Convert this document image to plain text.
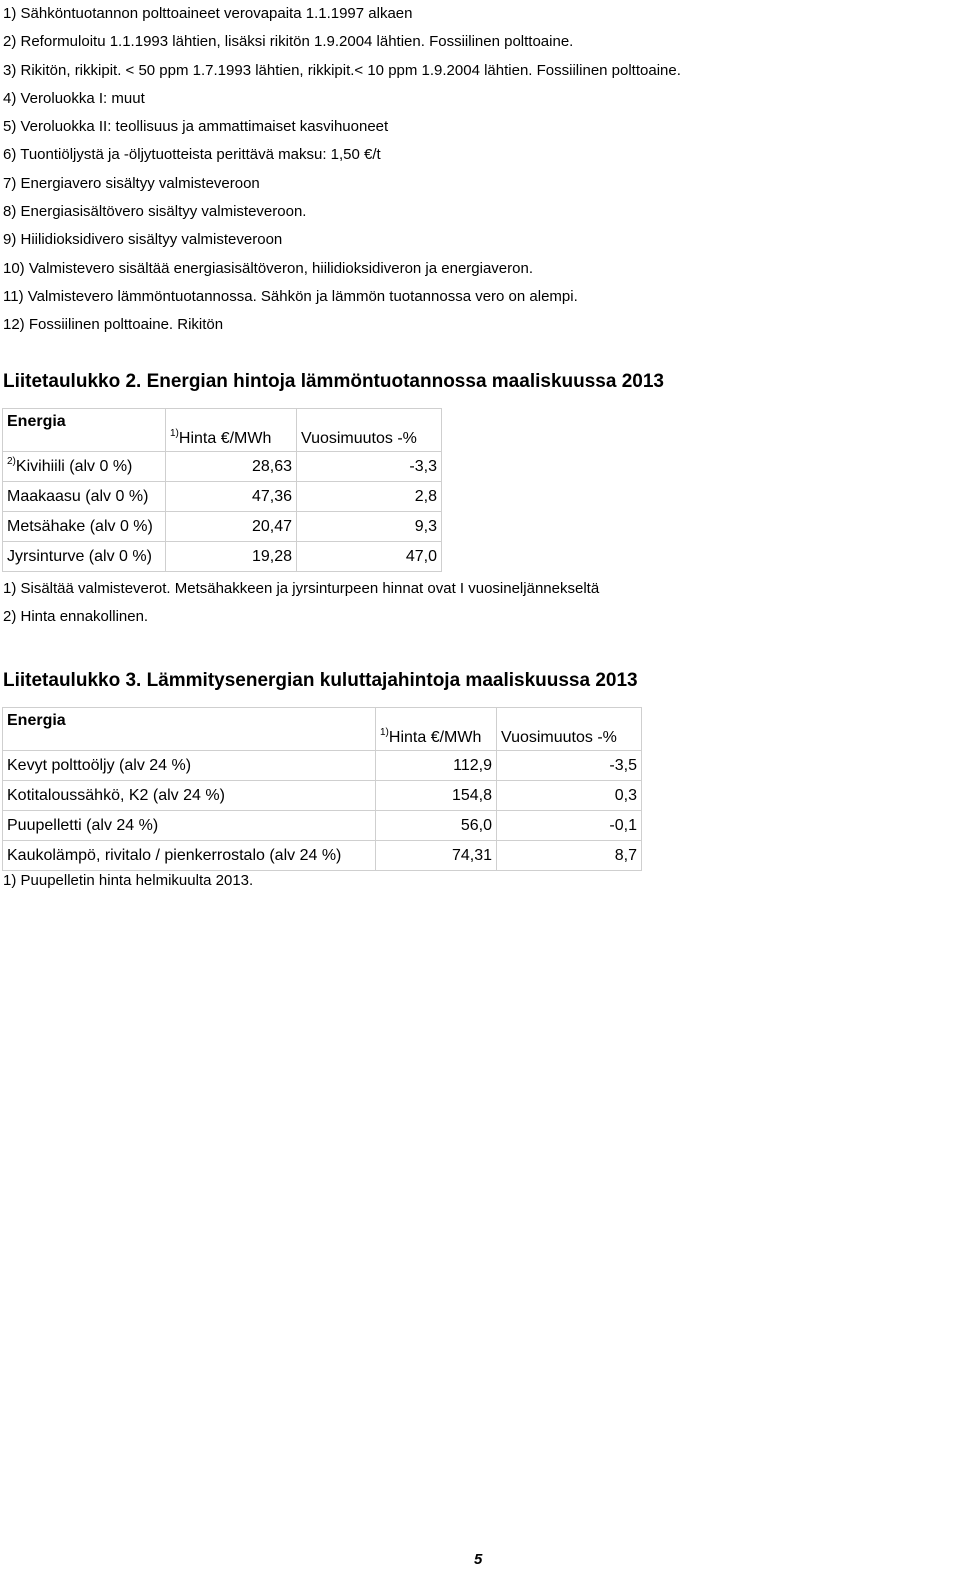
1) Sähköntuotannon polttoaineet verovapaita 1.1.1997 alkaen
2) Reformuloitu 1.1.1993 lähtien, lisäksi rikitön 1.9.2004 lähtien. Fossiilinen polttoaine.
3) Rikitön, rikkipit. < 50 ppm 1.7.1993 lähtien, rikkipit.< 10 ppm 1.9.2004 lähtien. Fossiilinen polttoaine.
4) Veroluokka I: muut
5) Veroluokka II: teollisuus ja ammattimaiset kasvihuoneet
6) Tuontiöljystä ja -öljytuotteista perittävä maksu: 1,50 €/t
7) Energiavero sisältyy valmisteveroon
8) Energiasisältövero sisältyy valmisteveroon.
9) Hiilidioksidivero sisältyy valmisteveroon
10) Valmistevero sisältää energiasisältöveron, hiilidioksidiveron ja energiaveron.
11) Valmistevero lämmöntuotannossa. Sähkön ja lämmön tuotannossa vero on alempi.
12) Fossiilinen polttoaine. Rikitön
Liitetaulukko 2. Energian hintoja lämmöntuotannossa maaliskuussa 2013
Energia	$^{1)}$Hinta €/MWh	Vuosimuutos -%
$^{2)}$Kivihiili (alv 0 %)	28,63	-3,3
Maakaasu (alv 0 %)	47,36	2,8
Metsähake (alv 0 %)	20,47	9,3
Jyrsinturve (alv 0 %)	19,28	47,0
1) Sisältää valmisteverot. Metsähakkeen ja jyrsinturpeen hinnat ovat I vuosineljännekseltä
2) Hinta ennakollinen.
Liitetaulukko 3. Lämmitysenergian kuluttajahintoja maaliskuussa 2013
Energia	$^{1)}$Hinta €/MWh	Vuosimuutos -%
Kevyt polttoöljy (alv 24 %)	112,9	-3,5
Kotitaloussähkö, K2 (alv 24 %)	154,8	0,3
Puupelletti (alv 24 %)	56,0	-0,1
Kaukolämpö, rivitalo / pienkerrostalo (alv 24 %)	74,31	8,7
1) Puupelletin hinta helmikuulta 2013.
5
